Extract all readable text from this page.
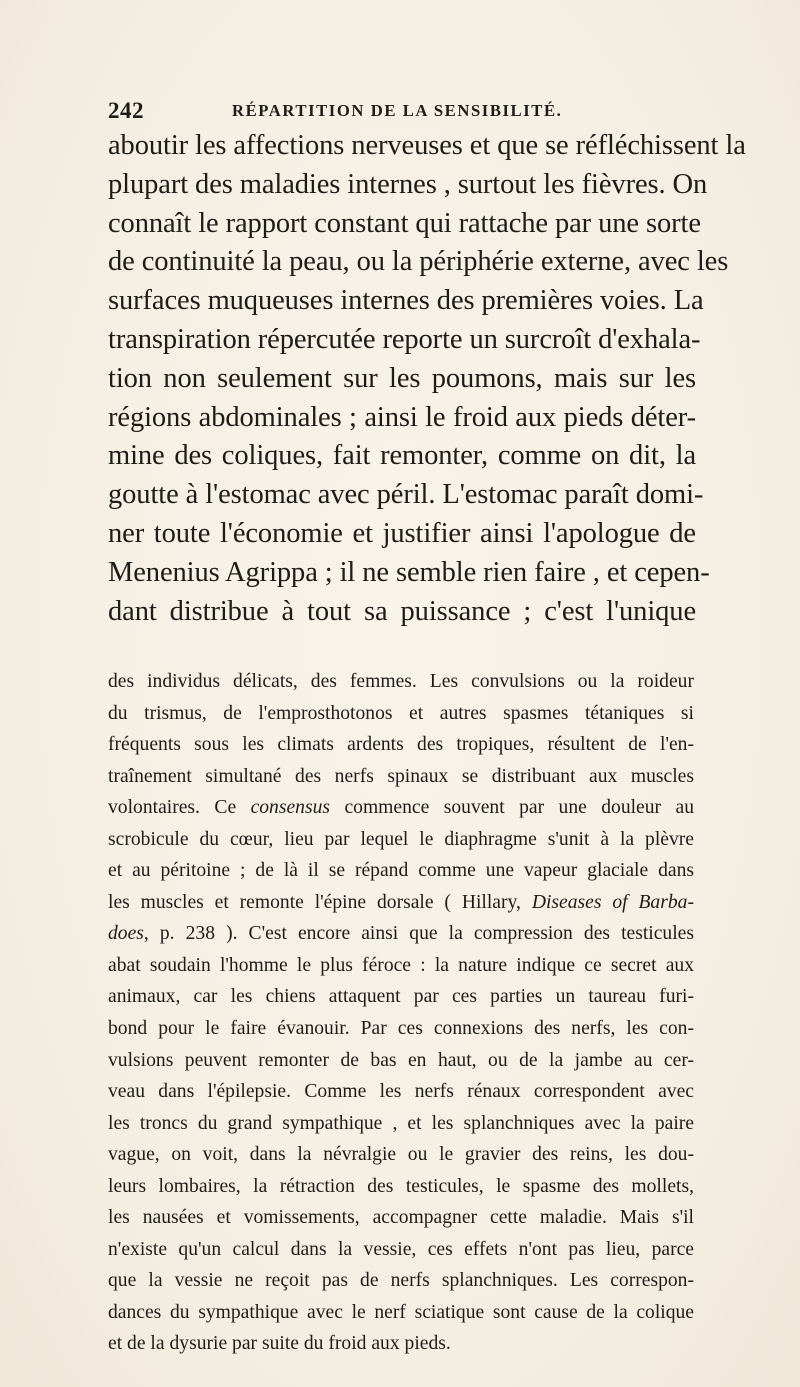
242	RÉPARTITION DE LA SENSIBILITÉ.
aboutir les affections nerveuses et que se réfléchissent la
plupart des maladies internes , surtout les fièvres. On
connaît le rapport constant qui rattache par une sorte
de continuité la peau, ou la périphérie externe, avec les
surfaces muqueuses internes des premières voies. La
transpiration répercutée reporte un surcroît d'exhala-
tion non seulement sur les poumons, mais sur les
régions abdominales ; ainsi le froid aux pieds déter-
mine des coliques, fait remonter, comme on dit, la
goutte à l'estomac avec péril. L'estomac paraît domi-
ner toute l'économie et justifier ainsi l'apologue de
Menenius Agrippa ; il ne semble rien faire , et cepen-
dant distribue à tout sa puissance ; c'est l'unique
des individus délicats, des femmes. Les convulsions ou la roideur
du trismus, de l'emprosthotonos et autres spasmes tétaniques si
fréquents sous les climats ardents des tropiques, résultent de l'en-
traînement simultané des nerfs spinaux se distribuant aux muscles
volontaires. Ce consensus commence souvent par une douleur au
scrobicule du cœur, lieu par lequel le diaphragme s'unit à la plèvre
et au péritoine ; de là il se répand comme une vapeur glaciale dans
les muscles et remonte l'épine dorsale ( Hillary, Diseases of Barba-
does, p. 238 ). C'est encore ainsi que la compression des testicules
abat soudain l'homme le plus féroce : la nature indique ce secret aux
animaux, car les chiens attaquent par ces parties un taureau furi-
bond pour le faire évanouir. Par ces connexions des nerfs, les con-
vulsions peuvent remonter de bas en haut, ou de la jambe au cer-
veau dans l'épilepsie. Comme les nerfs rénaux correspondent avec
les troncs du grand sympathique , et les splanchniques avec la paire
vague, on voit, dans la névralgie ou le gravier des reins, les dou-
leurs lombaires, la rétraction des testicules, le spasme des mollets,
les nausées et vomissements, accompagner cette maladie. Mais s'il
n'existe qu'un calcul dans la vessie, ces effets n'ont pas lieu, parce
que la vessie ne reçoit pas de nerfs splanchniques. Les correspon-
dances du sympathique avec le nerf sciatique sont cause de la colique
et de la dysurie par suite du froid aux pieds.
